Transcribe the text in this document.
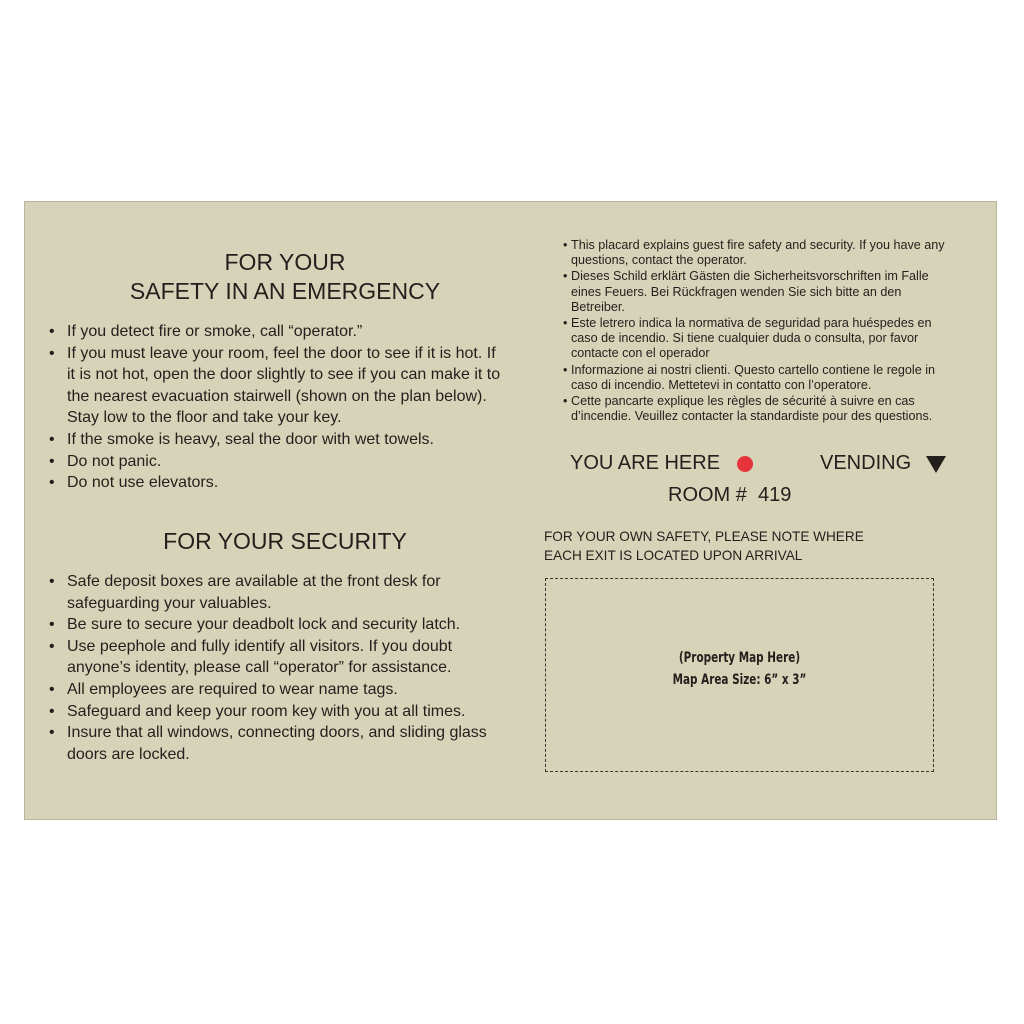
FOR YOUR
SAFETY IN AN EMERGENCY
• If you detect fire or smoke, call “operator.”
• If you must leave your room, feel the door to see if it is hot. If it is not hot, open the door slightly to see if you can make it to the nearest evacuation stairwell (shown on the plan below). Stay low to the floor and take your key.
• If the smoke is heavy, seal the door with wet towels.
• Do not panic.
• Do not use elevators.
FOR YOUR SECURITY
• Safe deposit boxes are available at the front desk for safeguarding your valuables.
• Be sure to secure your deadbolt lock and security latch.
• Use peephole and fully identify all visitors. If you doubt anyone’s identity, please call “operator” for assistance.
• All employees are required to wear name tags.
• Safeguard and keep your room key with you at all times.
• Insure that all windows, connecting doors, and sliding glass doors are locked.
• This placard explains guest fire safety and security. If you have any questions, contact the operator.
• Dieses Schild erklärt Gästen die Sicherheitsvorschriften im Falle eines Feuers. Bei Rückfragen wenden Sie sich bitte an den Betreiber.
• Este letrero indica la normativa de seguridad para huéspedes en caso de incendio. Si tiene cualquier duda o consulta, por favor contacte con el operador
• Informazione ai nostri clienti. Questo cartello contiene le regole in caso di incendio. Mettetevi in contatto con l’operatore.
• Cette pancarte explique les règles de sécurité à suivre en cas d’incendie. Veuillez contacter la standardiste pour des questions.
YOU ARE HERE	VENDING
ROOM #  419
FOR YOUR OWN SAFETY, PLEASE NOTE WHERE
EACH EXIT IS LOCATED UPON ARRIVAL
(Property Map Here)
Map Area Size: 6” x 3”
